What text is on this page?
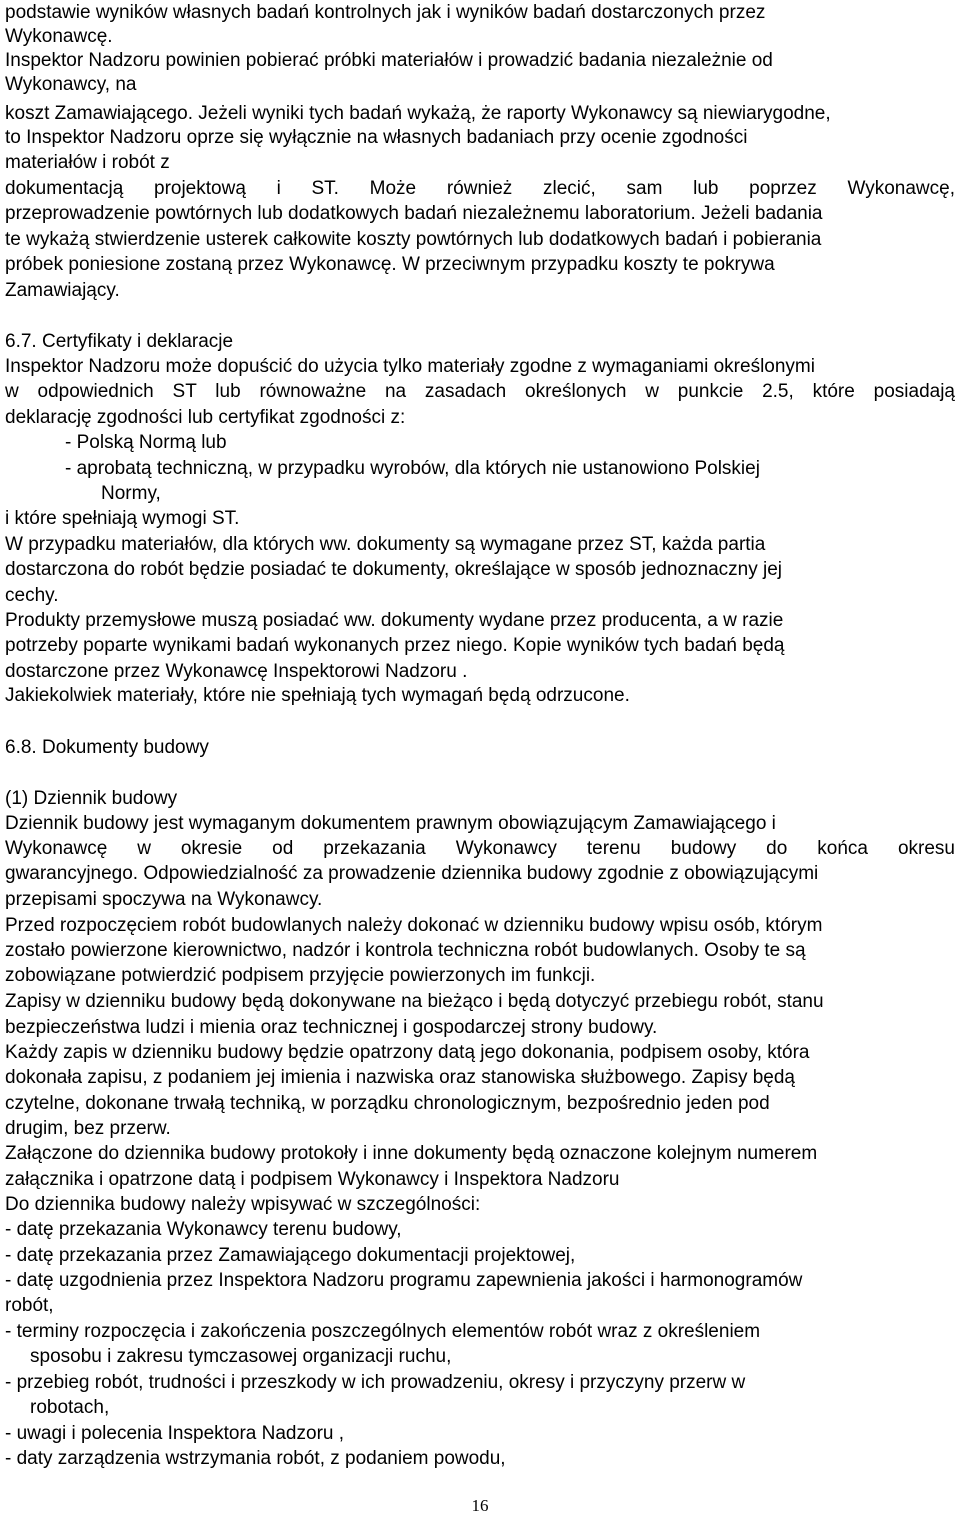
podstawie wyników własnych badań kontrolnych jak i wyników badań dostarczonych przez
Wykonawcę.
Inspektor Nadzoru powinien pobierać próbki materiałów i prowadzić badania niezależnie od
Wykonawcy, na
koszt Zamawiającego. Jeżeli wyniki tych badań wykażą, że raporty Wykonawcy są niewiarygodne,
to Inspektor Nadzoru oprze się wyłącznie na własnych badaniach przy ocenie zgodności
materiałów i robót z
dokumentacją projektową i ST. Może również zlecić, sam lub poprzez Wykonawcę,
przeprowadzenie powtórnych lub dodatkowych badań niezależnemu laboratorium. Jeżeli badania
te wykażą stwierdzenie usterek całkowite koszty powtórnych lub dodatkowych badań i pobierania
próbek poniesione zostaną przez Wykonawcę. W przeciwnym przypadku koszty te pokrywa
Zamawiający.
6.7. Certyfikaty i deklaracje
Inspektor Nadzoru może dopuścić do użycia tylko materiały zgodne z wymaganiami określonymi
w odpowiednich ST lub równoważne na zasadach określonych w punkcie 2.5, które posiadają
deklarację zgodności lub certyfikat zgodności z:
- Polską Normą lub
- aprobatą techniczną, w przypadku wyrobów, dla których nie ustanowiono Polskiej
Normy,
i które spełniają wymogi ST.
W przypadku materiałów, dla których ww. dokumenty są wymagane przez ST, każda partia
dostarczona do robót będzie posiadać te dokumenty, określające w sposób jednoznaczny jej
cechy.
Produkty przemysłowe muszą posiadać ww. dokumenty wydane przez producenta, a w razie
potrzeby poparte wynikami badań wykonanych przez niego. Kopie wyników tych badań będą
dostarczone przez Wykonawcę Inspektorowi Nadzoru .
Jakiekolwiek materiały, które nie spełniają tych wymagań będą odrzucone.
6.8. Dokumenty budowy
(1) Dziennik budowy
Dziennik budowy jest wymaganym dokumentem prawnym obowiązującym Zamawiającego i
Wykonawcę w okresie od przekazania Wykonawcy terenu budowy do końca okresu
gwarancyjnego. Odpowiedzialność za prowadzenie dziennika budowy zgodnie z obowiązującymi
przepisami spoczywa na Wykonawcy.
Przed rozpoczęciem robót budowlanych należy dokonać w dzienniku budowy wpisu osób, którym
zostało powierzone kierownictwo, nadzór i kontrola techniczna robót budowlanych. Osoby te są
zobowiązane potwierdzić podpisem przyjęcie powierzonych im funkcji.
Zapisy w dzienniku budowy będą dokonywane na bieżąco i będą dotyczyć przebiegu robót, stanu
bezpieczeństwa ludzi i mienia oraz technicznej i gospodarczej strony budowy.
Każdy zapis w dzienniku budowy będzie opatrzony datą jego dokonania, podpisem osoby, która
dokonała zapisu, z podaniem jej imienia i nazwiska oraz stanowiska służbowego. Zapisy będą
czytelne, dokonane trwałą techniką, w porządku chronologicznym, bezpośrednio jeden pod
drugim, bez przerw.
Załączone do dziennika budowy protokoły i inne dokumenty będą oznaczone kolejnym numerem
załącznika i opatrzone datą i podpisem Wykonawcy i Inspektora Nadzoru
Do dziennika budowy należy wpisywać w szczególności:
- datę przekazania Wykonawcy terenu budowy,
- datę przekazania przez Zamawiającego dokumentacji projektowej,
- datę uzgodnienia przez Inspektora Nadzoru programu zapewnienia jakości i harmonogramów
robót,
- terminy rozpoczęcia i zakończenia poszczególnych elementów robót wraz z określeniem
sposobu i zakresu tymczasowej organizacji ruchu,
- przebieg robót, trudności i przeszkody w ich prowadzeniu, okresy i przyczyny przerw w
robotach,
- uwagi i polecenia Inspektora Nadzoru ,
- daty zarządzenia wstrzymania robót, z podaniem powodu,
16
